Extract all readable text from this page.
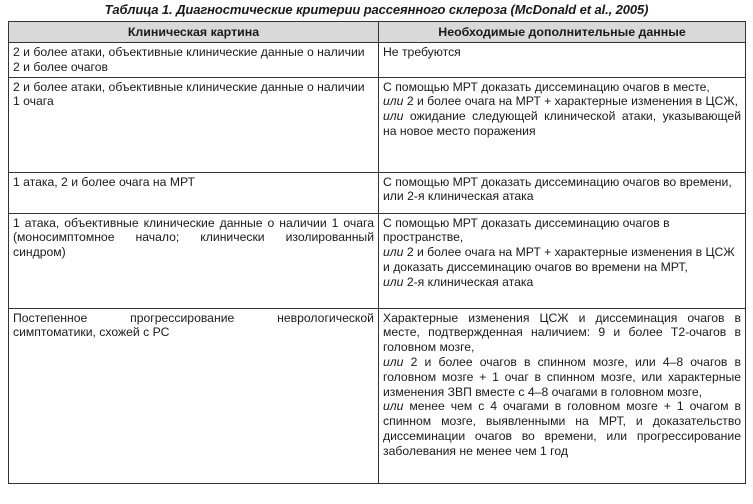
Таблица 1. Диагностические критерии рассеянного склероза (McDonald et al., 2005)
Клиническая картина	Необходимые дополнительные данные
2 и более атаки, объективные клинические данные о наличии 2 и более очагов	Не требуются

2 и более атаки, объективные клинические данные о наличии 1 очага	С помощью МРТ доказать диссеминацию очагов в месте,
или 2 и более очага на МРТ + характерные изменения в ЦСЖ,
или ожидание следующей клинической атаки, указывающей на новое место поражения

1 атака, 2 и более очага на МРТ	С помощью МРТ доказать диссеминацию очагов во времени, или 2-я клиническая атака

1 атака, объективные клинические данные о наличии 1 очага (моносимптомное начало; клинически изолированный синдром)	С помощью МРТ доказать диссеминацию очагов в пространстве,
или 2 и более очага на МРТ + характерные изменения в ЦСЖ и доказать диссеминацию очагов во времени на МРТ,
или 2-я клиническая атака

Постепенное прогрессирование неврологической симптоматики, схожей с РС	Характерные изменения ЦСЖ и диссеминация очагов в месте, подтвержденная наличием: 9 и более Т2-очагов в головном мозге,
или 2 и более очагов в спинном мозге, или 4–8 очагов в головном мозге + 1 очаг в спинном мозге, или характерные изменения ЗВП вместе с 4–8 очагами в головном мозге,
или менее чем с 4 очагами в головном мозге + 1 очагом в спинном мозге, выявленными на МРТ, и доказательство диссеминации очагов во времени, или прогрессирование заболевания не менее чем 1 год
